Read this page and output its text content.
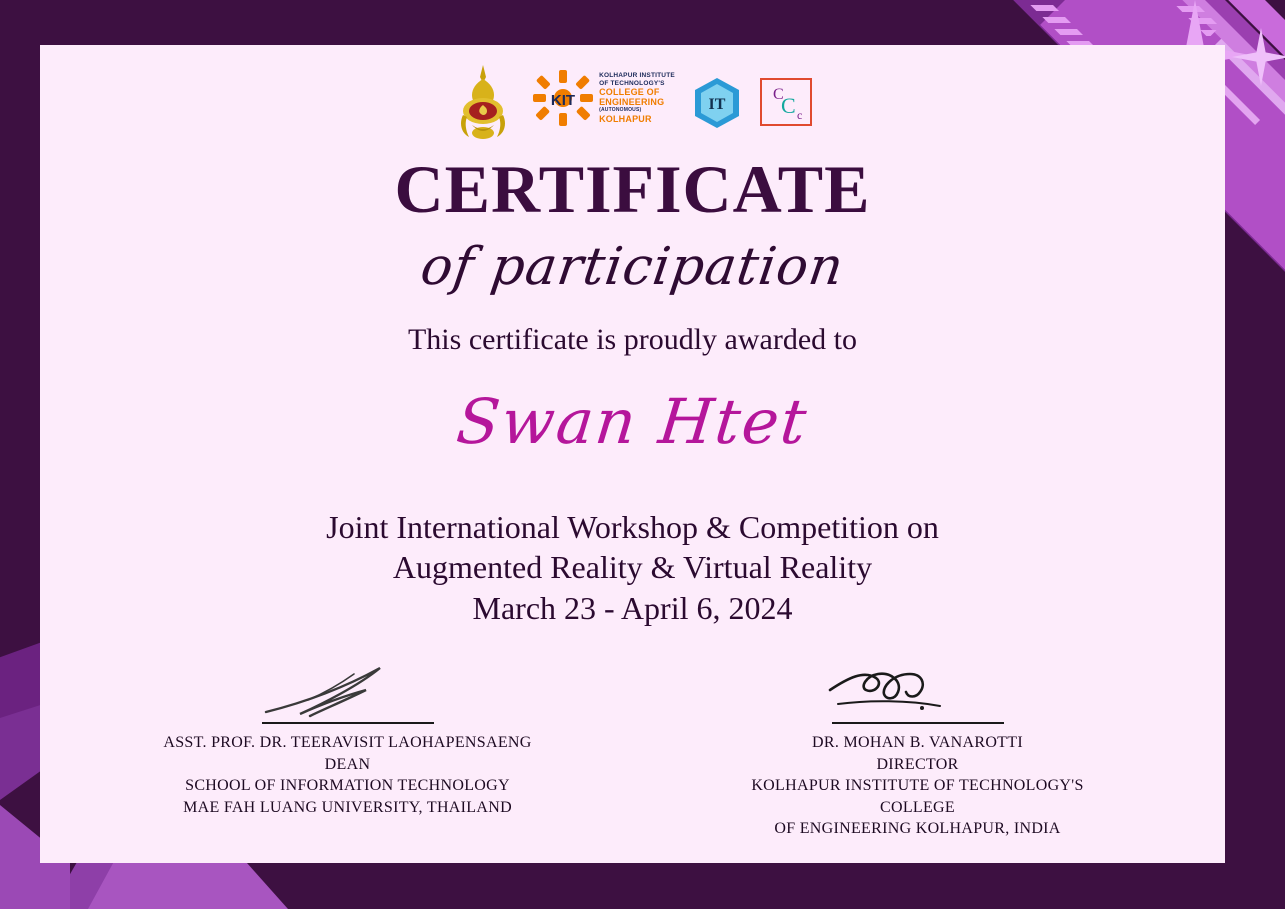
KIT
KOLHAPUR INSTITUTE
OF TECHNOLOGY'S
COLLEGE OF
ENGINEERING
(AUTONOMOUS)
KOLHAPUR
IT
C
C c
CERTIFICATE
of participation
This certificate is proudly awarded to
Swan Htet
Joint International Workshop & Competition on
Augmented Reality & Virtual Reality
March 23 - April 6, 2024
ASST. PROF. DR. TEERAVISIT LAOHAPENSAENG
DEAN
SCHOOL OF INFORMATION TECHNOLOGY
MAE FAH LUANG UNIVERSITY, THAILAND
DR. MOHAN B. VANAROTTI
DIRECTOR
KOLHAPUR INSTITUTE OF TECHNOLOGY'S COLLEGE
OF ENGINEERING KOLHAPUR, INDIA
